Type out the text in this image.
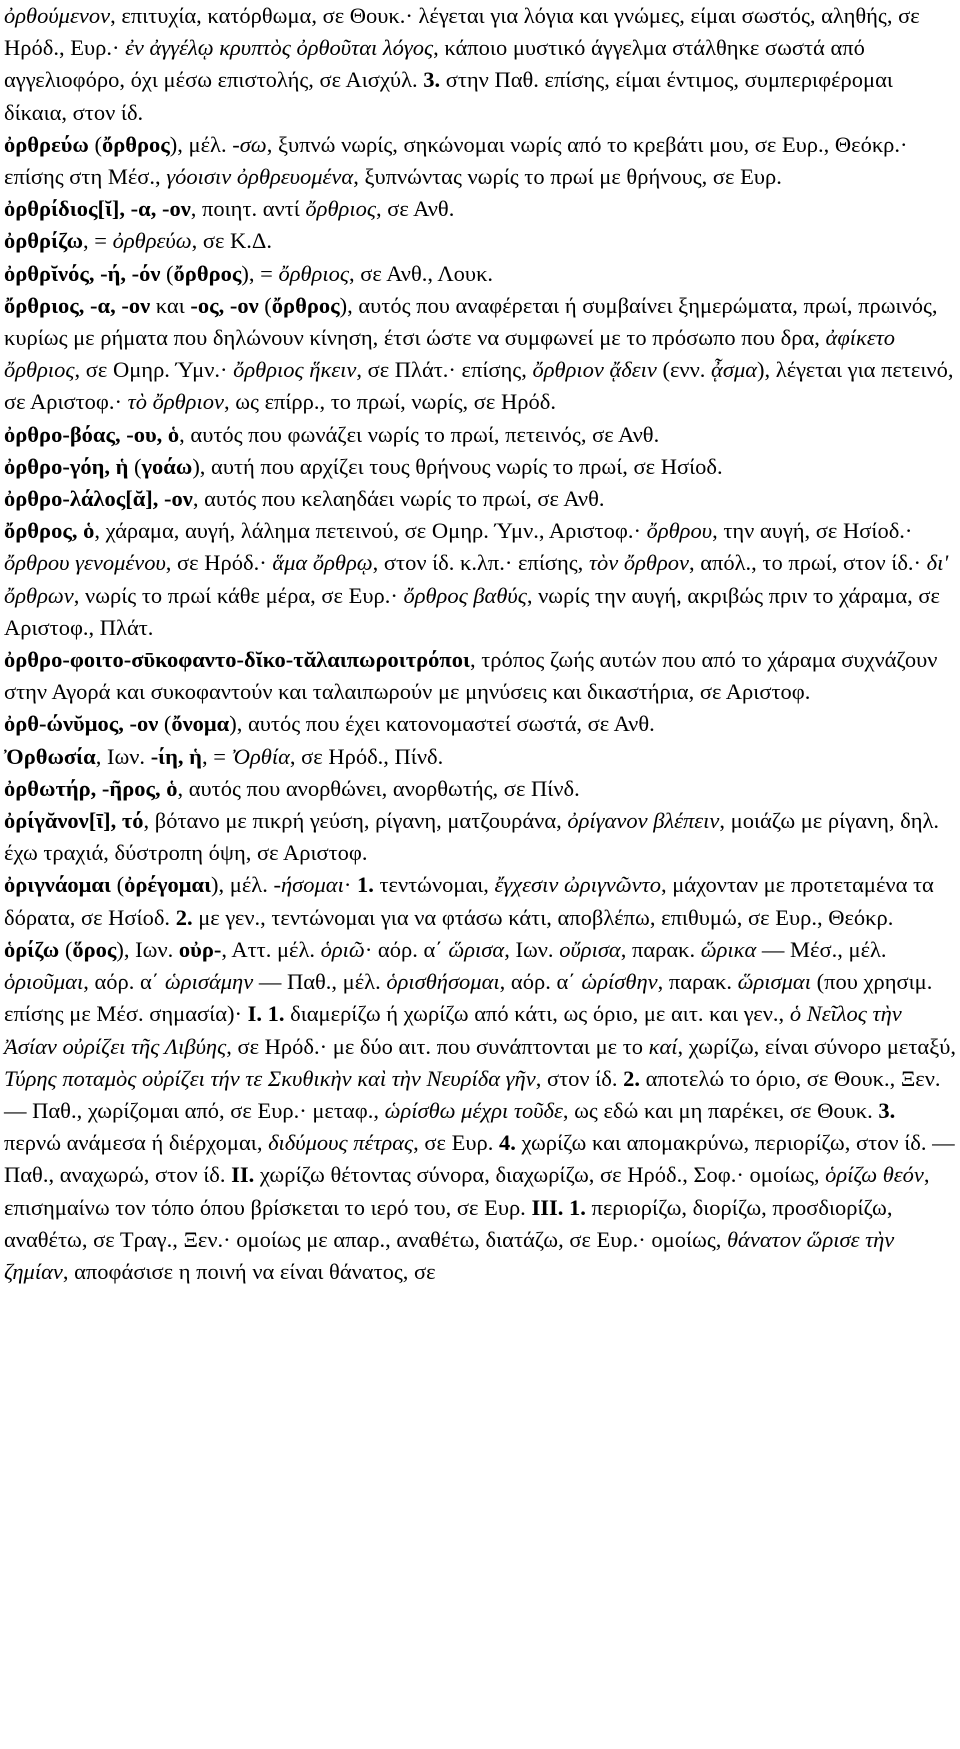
ὀρθούμενον, επιτυχία, κατόρθωμα, σε Θουκ.· λέγεται για λόγια και γνώμες, είμαι σωστός, αληθής, σε Ηρόδ., Ευρ.· ἐν ἀγγέλῳ κρυπτὸς ὀρθοῦται λόγος, κάποιο μυστικό άγγελμα στάλθηκε σωστά από αγγελιοφόρο, όχι μέσω επιστολής, σε Αισχύλ. 3. στην Παθ. επίσης, είμαι έντιμος, συμπεριφέρομαι δίκαια, στον ίδ.

ὀρθρεύω (ὄρθρος), μέλ. -σω, ξυπνώ νωρίς, σηκώνομαι νωρίς από το κρεβάτι μου, σε Ευρ., Θεόκρ.· επίσης στη Μέσ., γόοισιν ὀρθρευομένα, ξυπνώντας νωρίς το πρωί με θρήνους, σε Ευρ.

ὀρθρίδιος[ῐ], -α, -ον, ποιητ. αντί ὄρθριος, σε Ανθ.

ὀρθρίζω, = ὀρθρεύω, σε Κ.Δ.

ὀρθρῐνός, -ή, -όν (ὄρθρος), = ὄρθριος, σε Ανθ., Λουκ.

ὄρθριος, -α, -ον και -ος, -ον (ὄρθρος), αυτός που αναφέρεται ή συμβαίνει ξημερώματα, πρωί, πρωινός, κυρίως με ρήματα που δηλώνουν κίνηση, έτσι ώστε να συμφωνεί με το πρόσωπο που δρα, ἀφίκετο ὄρθριος, σε Ομηρ. Ύμν.· ὄρθριος ἥκειν, σε Πλάτ.· επίσης, ὄρθριον ᾄδειν (ενν. ᾆσμα), λέγεται για πετεινό, σε Αριστοφ.· τὸ ὄρθριον, ως επίρρ., το πρωί, νωρίς, σε Ηρόδ.

ὀρθρο-βόας, -ου, ὁ, αυτός που φωνάζει νωρίς το πρωί, πετεινός, σε Ανθ.

ὀρθρο-γόη, ἡ (γοάω), αυτή που αρχίζει τους θρήνους νωρίς το πρωί, σε Ησίοδ.

ὀρθρο-λάλος[ᾰ], -ον, αυτός που κελαηδάει νωρίς το πρωί, σε Ανθ.

ὄρθρος, ὁ, χάραμα, αυγή, λάλημα πετεινού, σε Ομηρ. Ύμν., Αριστοφ.· ὄρθρου, την αυγή, σε Ησίοδ.· ὄρθρου γενομένου, σε Ηρόδ.· ἅμα ὄρθρῳ, στον ίδ. κ.λπ.· επίσης, τὸν ὄρθρον, απόλ., το πρωί, στον ίδ.· δι' ὄρθρων, νωρίς το πρωί κάθε μέρα, σε Ευρ.· ὄρθρος βαθύς, νωρίς την αυγή, ακριβώς πριν το χάραμα, σε Αριστοφ., Πλάτ.

ὀρθρο-φοιτο-σῡκοφαντο-δῐκο-τᾰλαιπωροιτρόποι, τρόπος ζωής αυτών που από το χάραμα συχνάζουν στην Αγορά και συκοφαντούν και ταλαιπωρούν με μηνύσεις και δικαστήρια, σε Αριστοφ.

ὀρθ-ώνῠμος, -ον (ὄνομα), αυτός που έχει κατονομαστεί σωστά, σε Ανθ.

Ὀρθωσία, Ιων. -ίη, ἡ, = Ὀρθία, σε Ηρόδ., Πίνδ.

ὀρθωτήρ, -ῆρος, ὁ, αυτός που ανορθώνει, ανορθωτής, σε Πίνδ.

ὀρίγᾰνον[ῑ], τό, βότανο με πικρή γεύση, ρίγανη, ματζουράνα, ὀρίγανον βλέπειν, μοιάζω με ρίγανη, δηλ. έχω τραχιά, δύστροπη όψη, σε Αριστοφ.

ὀριγνάομαι (ὀρέγομαι), μέλ. -ήσομαι· 1. τεντώνομαι, ἔγχεσιν ὠριγνῶντο, μάχονταν με προτεταμένα τα δόρατα, σε Ησίοδ. 2. με γεν., τεντώνομαι για να φτάσω κάτι, αποβλέπω, επιθυμώ, σε Ευρ., Θεόκρ.

ὁρίζω (ὅρος), Ιων. οὐρ-, Αττ. μέλ. ὁριῶ· αόρ. α΄ ὥρισα, Ιων. οὔρισα, παρακ. ὥρικα — Μέσ., μέλ. ὁριοῦμαι, αόρ. α΄ ὡρισάμην — Παθ., μέλ. ὁρισθήσομαι, αόρ. α΄ ὡρίσθην, παρακ. ὥρισμαι (που χρησιμ. επίσης με Μέσ. σημασία)· I. 1. διαμερίζω ή χωρίζω από κάτι, ως όριο, με αιτ. και γεν., ὁ Νεῖλος τὴν Ἀσίαν οὐρίζει τῆς Λιβύης, σε Ηρόδ.· με δύο αιτ. που συνάπτονται με το καί, χωρίζω, είναι σύνορο μεταξύ, Τύρης ποταμὸς οὐρίζει τήν τε Σκυθικὴν καὶ τὴν Νευρίδα γῆν, στον ίδ. 2. αποτελώ το όριο, σε Θουκ., Ξεν. — Παθ., χωρίζομαι από, σε Ευρ.· μεταφ., ὡρίσθω μέχρι τοῦδε, ως εδώ και μη παρέκει, σε Θουκ. 3. περνώ ανάμεσα ή διέρχομαι, διδύμους πέτρας, σε Ευρ. 4. χωρίζω και απομακρύνω, περιορίζω, στον ίδ. — Παθ., αναχωρώ, στον ίδ. II. χωρίζω θέτοντας σύνορα, διαχωρίζω, σε Ηρόδ., Σοφ.· ομοίως, ὁρίζω θεόν, επισημαίνω τον τόπο όπου βρίσκεται το ιερό του, σε Ευρ. III. 1. περιορίζω, διορίζω, προσδιορίζω, αναθέτω, σε Τραγ., Ξεν.· ομοίως με απαρ., αναθέτω, διατάζω, σε Ευρ.· ομοίως, θάνατον ὥρισε τὴν ζημίαν, αποφάσισε η ποινή να είναι θάνατος, σε
